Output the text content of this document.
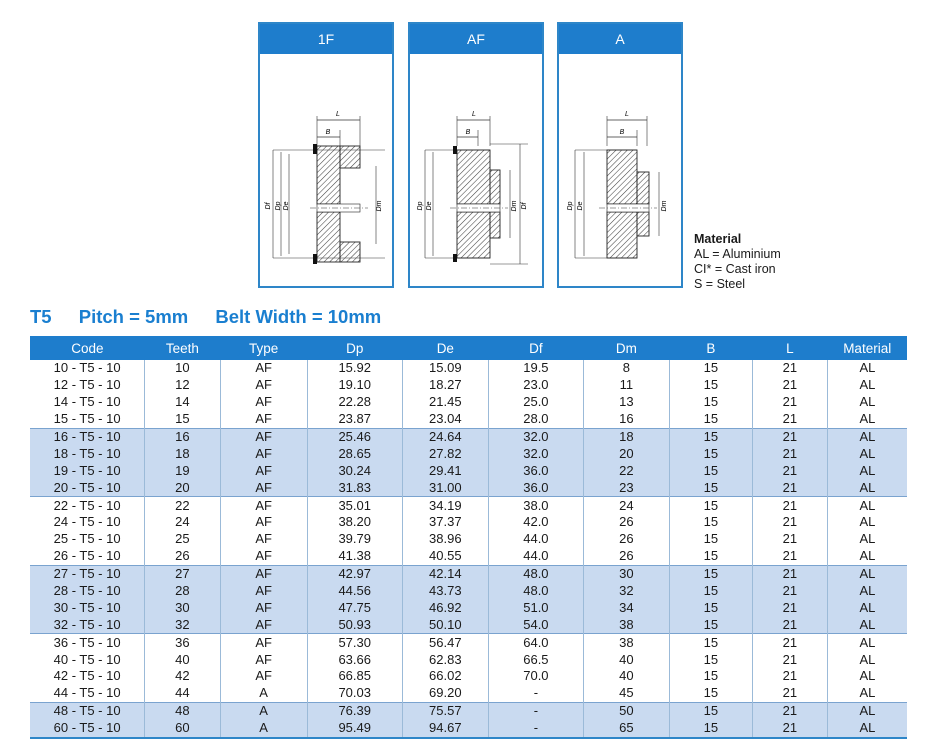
1F
L
B
Df Dp De	Dm
AF
L
B
Dp De	Dm Df
A
L
B
Dp De	Dm
Material
AL = Aluminium
CI* = Cast iron
S = Steel
T5 Pitch = 5mm Belt Width = 10mm
Code	Teeth	Type	Dp	De	Df	Dm	B	L	Material
10 - T5 - 10	10	AF	15.92	15.09	19.5	8	15	21	AL
12 - T5 - 10	12	AF	19.10	18.27	23.0	11	15	21	AL
14 - T5 - 10	14	AF	22.28	21.45	25.0	13	15	21	AL
15 - T5 - 10	15	AF	23.87	23.04	28.0	16	15	21	AL
16 - T5 - 10	16	AF	25.46	24.64	32.0	18	15	21	AL
18 - T5 - 10	18	AF	28.65	27.82	32.0	20	15	21	AL
19 - T5 - 10	19	AF	30.24	29.41	36.0	22	15	21	AL
20 - T5 - 10	20	AF	31.83	31.00	36.0	23	15	21	AL
22 - T5 - 10	22	AF	35.01	34.19	38.0	24	15	21	AL
24 - T5 - 10	24	AF	38.20	37.37	42.0	26	15	21	AL
25 - T5 - 10	25	AF	39.79	38.96	44.0	26	15	21	AL
26 - T5 - 10	26	AF	41.38	40.55	44.0	26	15	21	AL
27 - T5 - 10	27	AF	42.97	42.14	48.0	30	15	21	AL
28 - T5 - 10	28	AF	44.56	43.73	48.0	32	15	21	AL
30 - T5 - 10	30	AF	47.75	46.92	51.0	34	15	21	AL
32 - T5 - 10	32	AF	50.93	50.10	54.0	38	15	21	AL
36 - T5 - 10	36	AF	57.30	56.47	64.0	38	15	21	AL
40 - T5 - 10	40	AF	63.66	62.83	66.5	40	15	21	AL
42 - T5 - 10	42	AF	66.85	66.02	70.0	40	15	21	AL
44 - T5 - 10	44	A	70.03	69.20	-	45	15	21	AL
48 - T5 - 10	48	A	76.39	75.57	-	50	15	21	AL
60 - T5 - 10	60	A	95.49	94.67	-	65	15	21	AL
